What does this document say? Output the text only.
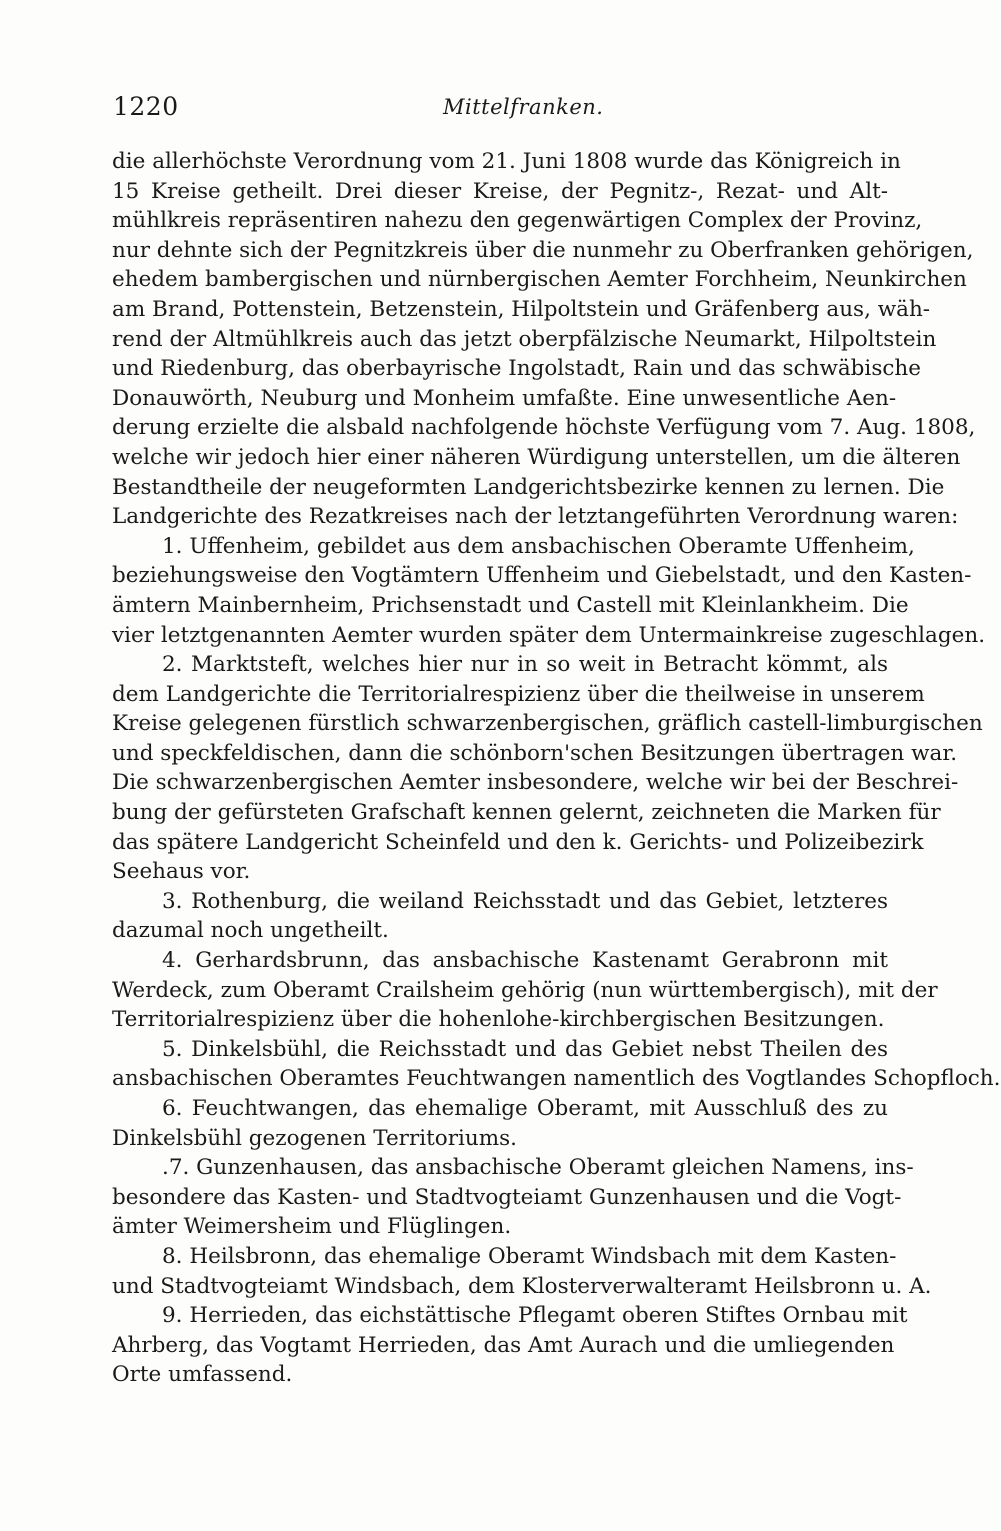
1220	Mittelfranken.
die allerhöchste Verordnung vom 21. Juni 1808 wurde das Königreich in
15 Kreise getheilt. Drei dieser Kreise, der Pegnitz-, Rezat- und Alt-
mühlkreis repräsentiren nahezu den gegenwärtigen Complex der Provinz,
nur dehnte sich der Pegnitzkreis über die nunmehr zu Oberfranken gehörigen,
ehedem bambergischen und nürnbergischen Aemter Forchheim, Neunkirchen
am Brand, Pottenstein, Betzenstein, Hilpoltstein und Gräfenberg aus, wäh-
rend der Altmühlkreis auch das jetzt oberpfälzische Neumarkt, Hilpoltstein
und Riedenburg, das oberbayrische Ingolstadt, Rain und das schwäbische
Donauwörth, Neuburg und Monheim umfaßte. Eine unwesentliche Aen-
derung erzielte die alsbald nachfolgende höchste Verfügung vom 7. Aug. 1808,
welche wir jedoch hier einer näheren Würdigung unterstellen, um die älteren
Bestandtheile der neugeformten Landgerichtsbezirke kennen zu lernen. Die
Landgerichte des Rezatkreises nach der letztangeführten Verordnung waren:
1. Uffenheim, gebildet aus dem ansbachischen Oberamte Uffenheim,
beziehungsweise den Vogtämtern Uffenheim und Giebelstadt, und den Kasten-
ämtern Mainbernheim, Prichsenstadt und Castell mit Kleinlankheim. Die
vier letztgenannten Aemter wurden später dem Untermainkreise zugeschlagen.
2. Marktsteft, welches hier nur in so weit in Betracht kömmt, als
dem Landgerichte die Territorialrespizienz über die theilweise in unserem
Kreise gelegenen fürstlich schwarzenbergischen, gräflich castell-limburgischen
und speckfeldischen, dann die schönborn'schen Besitzungen übertragen war.
Die schwarzenbergischen Aemter insbesondere, welche wir bei der Beschrei-
bung der gefürsteten Grafschaft kennen gelernt, zeichneten die Marken für
das spätere Landgericht Scheinfeld und den k. Gerichts- und Polizeibezirk
Seehaus vor.
3. Rothenburg, die weiland Reichsstadt und das Gebiet, letzteres
dazumal noch ungetheilt.
4. Gerhardsbrunn, das ansbachische Kastenamt Gerabronn mit
Werdeck, zum Oberamt Crailsheim gehörig (nun württembergisch), mit der
Territorialrespizienz über die hohenlohe-kirchbergischen Besitzungen.
5. Dinkelsbühl, die Reichsstadt und das Gebiet nebst Theilen des
ansbachischen Oberamtes Feuchtwangen namentlich des Vogtlandes Schopfloch.
6. Feuchtwangen, das ehemalige Oberamt, mit Ausschluß des zu
Dinkelsbühl gezogenen Territoriums.
.7. Gunzenhausen, das ansbachische Oberamt gleichen Namens, ins-
besondere das Kasten- und Stadtvogteiamt Gunzenhausen und die Vogt-
ämter Weimersheim und Flüglingen.
8. Heilsbronn, das ehemalige Oberamt Windsbach mit dem Kasten-
und Stadtvogteiamt Windsbach, dem Klosterverwalteramt Heilsbronn u. A.
9. Herrieden, das eichstättische Pflegamt oberen Stiftes Ornbau mit
Ahrberg, das Vogtamt Herrieden, das Amt Aurach und die umliegenden
Orte umfassend.
